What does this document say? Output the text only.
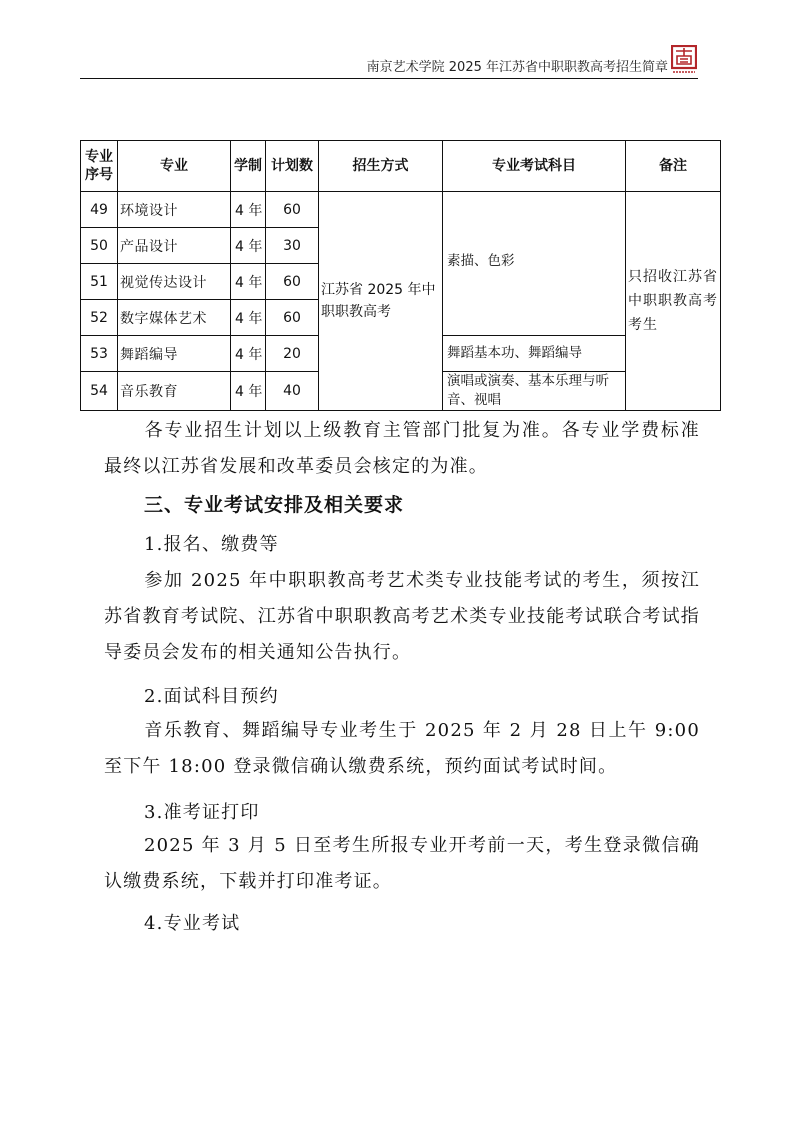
南京艺术学院 2025 年江苏省中职职教高考招生简章
专业序号	专业	学制	计划数	招生方式	专业考试科目	备注
49	环境设计	4 年	60	江苏省 2025 年中职职教高考	素描、色彩	只招收江苏省中职职教高考考生
50	产品设计	4 年	30			
51	视觉传达设计	4 年	60			
52	数字媒体艺术	4 年	60			
53	舞蹈编导	4 年	20		舞蹈基本功、舞蹈编导	
54	音乐教育	4 年	40		演唱或演奏、基本乐理与听音、视唱	
各专业招生计划以上级教育主管部门批复为准。各专业学费标准最终以江苏省发展和改革委员会核定的为准。
三、专业考试安排及相关要求
1.报名、缴费等
参加 2025 年中职职教高考艺术类专业技能考试的考生，须按江苏省教育考试院、江苏省中职职教高考艺术类专业技能考试联合考试指导委员会发布的相关通知公告执行。
2.面试科目预约
音乐教育、舞蹈编导专业考生于 2025 年 2 月 28 日上午 9:00 至下午 18:00 登录微信确认缴费系统，预约面试考试时间。
3.准考证打印
2025 年 3 月 5 日至考生所报专业开考前一天，考生登录微信确认缴费系统，下载并打印准考证。
4.专业考试
